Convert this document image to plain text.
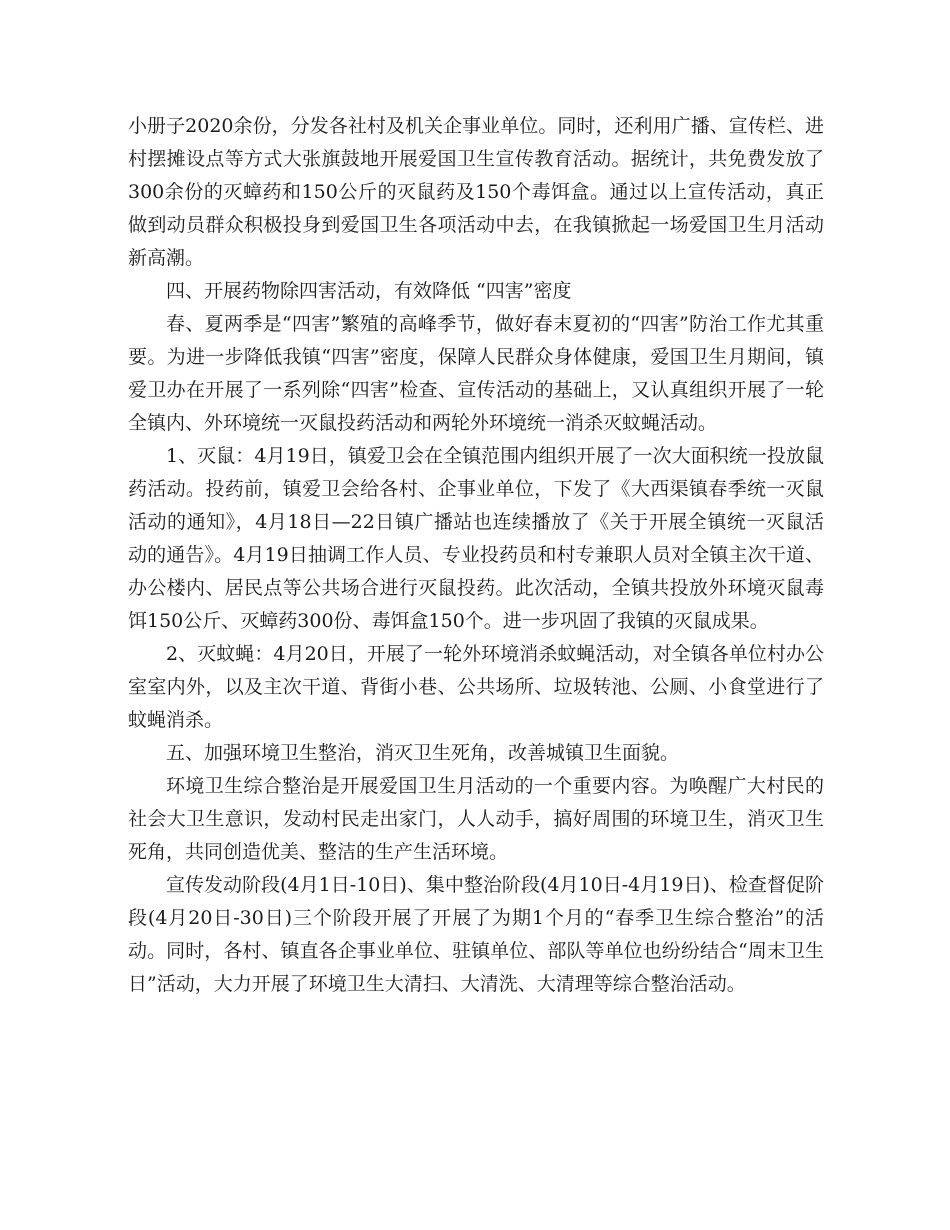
小册子2020余份，分发各社村及机关企事业单位。同时，还利用广播、宣传栏、进村摆摊设点等方式大张旗鼓地开展爱国卫生宣传教育活动。据统计，共免费发放了300余份的灭蟑药和150公斤的灭鼠药及150个毒饵盒。通过以上宣传活动，真正做到动员群众积极投身到爱国卫生各项活动中去，在我镇掀起一场爱国卫生月活动新高潮。

四、开展药物除四害活动，有效降低 “四害”密度

春、夏两季是“四害”繁殖的高峰季节，做好春末夏初的“四害”防治工作尤其重要。为进一步降低我镇“四害”密度，保障人民群众身体健康，爱国卫生月期间，镇爱卫办在开展了一系列除“四害”检查、宣传活动的基础上，又认真组织开展了一轮全镇内、外环境统一灭鼠投药活动和两轮外环境统一消杀灭蚊蝇活动。

1、灭鼠：4月19日，镇爱卫会在全镇范围内组织开展了一次大面积统一投放鼠药活动。投药前，镇爱卫会给各村、企事业单位，下发了《大西渠镇春季统一灭鼠活动的通知》，4月18日—22日镇广播站也连续播放了《关于开展全镇统一灭鼠活动的通告》。4月19日抽调工作人员、专业投药员和村专兼职人员对全镇主次干道、办公楼内、居民点等公共场合进行灭鼠投药。此次活动，全镇共投放外环境灭鼠毒饵150公斤、灭蟑药300份、毒饵盒150个。进一步巩固了我镇的灭鼠成果。

2、灭蚊蝇：4月20日，开展了一轮外环境消杀蚊蝇活动，对全镇各单位村办公室室内外，以及主次干道、背街小巷、公共场所、垃圾转池、公厕、小食堂进行了蚊蝇消杀。

五、加强环境卫生整治，消灭卫生死角，改善城镇卫生面貌。

环境卫生综合整治是开展爱国卫生月活动的一个重要内容。为唤醒广大村民的社会大卫生意识，发动村民走出家门，人人动手，搞好周围的环境卫生，消灭卫生死角，共同创造优美、整洁的生产生活环境。

宣传发动阶段(4月1日-10日)、集中整治阶段(4月10日-4月19日)、检查督促阶段(4月20日-30日)三个阶段开展了开展了为期1个月的“春季卫生综合整治”的活动。同时，各村、镇直各企事业单位、驻镇单位、部队等单位也纷纷结合“周末卫生日”活动，大力开展了环境卫生大清扫、大清洗、大清理等综合整治活动。
